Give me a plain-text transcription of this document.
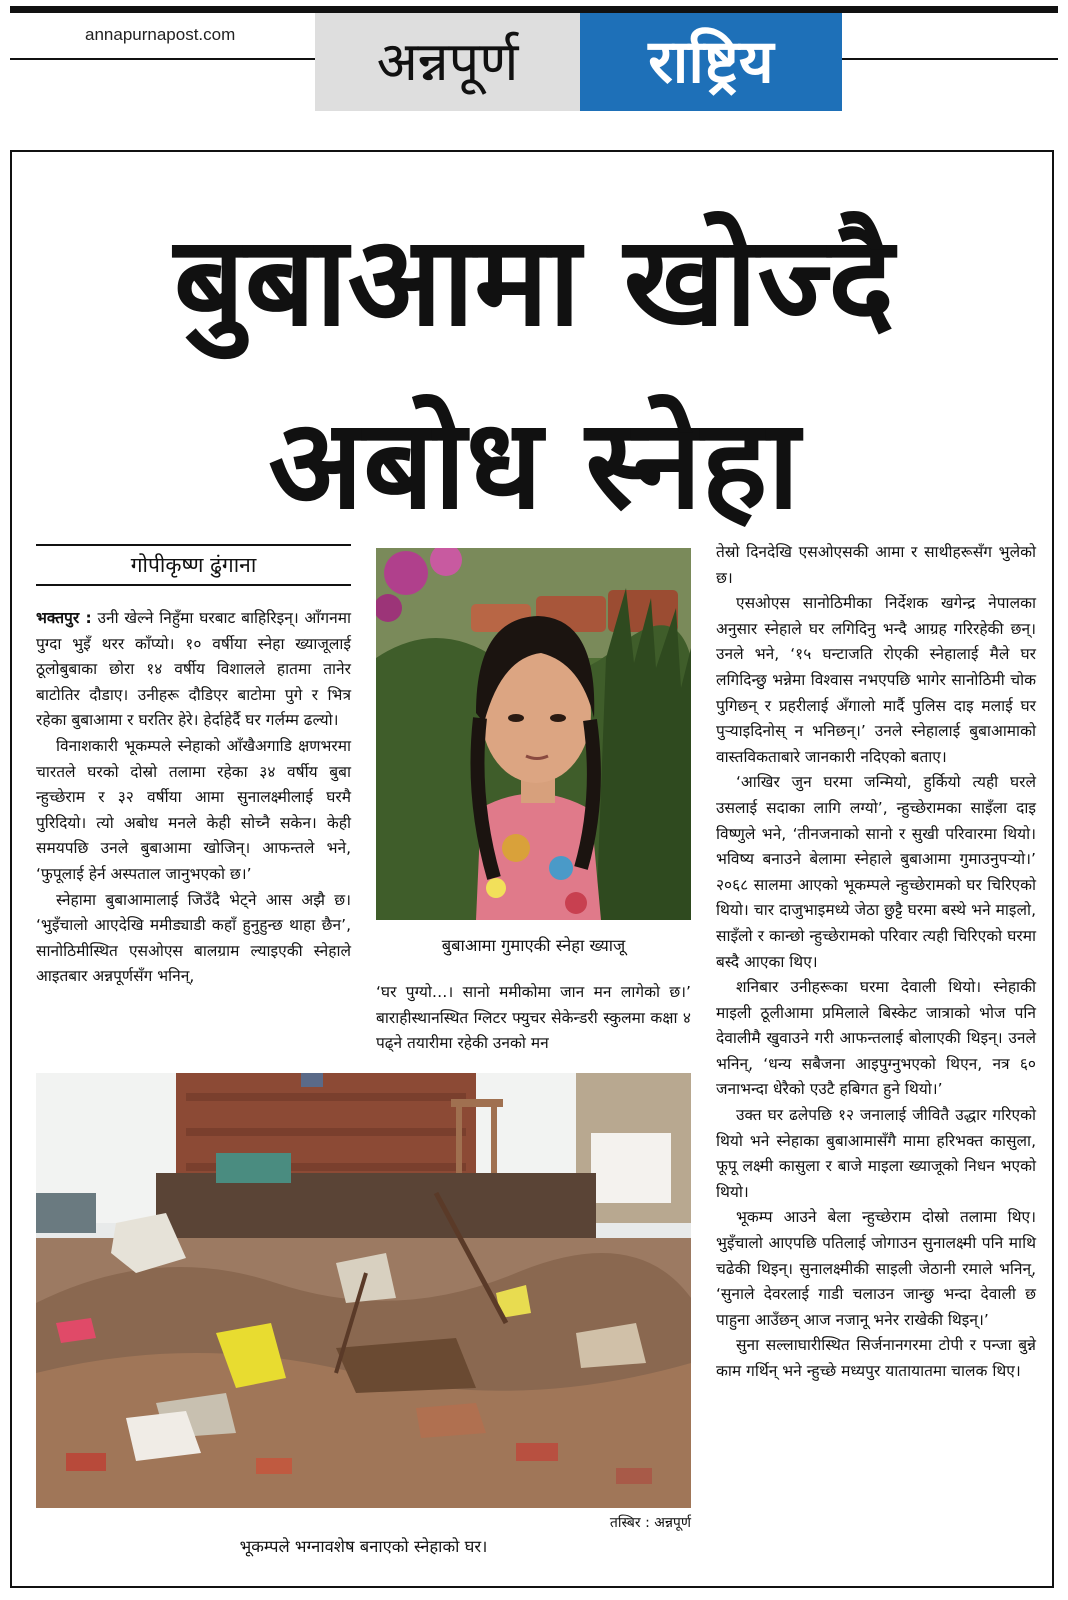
annapurnapost.com	अन्नपूर्ण	राष्ट्रिय
बुबाआमा खोज्दै
अबोध स्नेहा
गोपीकृष्ण ढुंगाना

भक्तपुर : उनी खेल्ने निहुँमा घरबाट बाहिरिइन्। आँगनमा पुग्दा भुइँ थरर काँप्यो। १० वर्षीया स्नेहा ख्याजूलाई ठूलोबुबाका छोरा १४ वर्षीय विशालले हातमा तानेर बाटोतिर दौडाए। उनीहरू दौडिएर बाटोमा पुगे र भित्र रहेका बुबाआमा र घरतिर हेरे। हेर्दाहेर्दै घर गर्लम्म ढल्यो।

विनाशकारी भूकम्पले स्नेहाको आँखैअगाडि क्षणभरमा चारतले घरको दोस्रो तलामा रहेका ३४ वर्षीय बुबा न्हुच्छेराम र ३२ वर्षीया आमा सुनालक्ष्मीलाई घरमै पुरिदियो। त्यो अबोध मनले केही सोच्नै सकेन। केही समयपछि उनले बुबाआमा खोजिन्। आफन्तले भने, ‘फुपूलाई हेर्न अस्पताल जानुभएको छ।’

स्नेहामा बुबाआमालाई जिउँदै भेट्ने आस अझै छ। ‘भुइँचालो आएदेखि ममीड्याडी कहाँ हुनुहुन्छ थाहा छैन’, सानोठिमीस्थित एसओएस बालग्राम ल्याइएकी स्नेहाले आइतबार अन्नपूर्णसँग भनिन्,

बुबाआमा गुमाएकी स्नेहा ख्याजू

‘घर पुग्यो…। सानो ममीकोमा जान मन लागेको छ।’ बाराहीस्थानस्थित ग्लिटर फ्युचर सेकेन्डरी स्कुलमा कक्षा ४ पढ्ने तयारीमा रहेकी उनको मन

तेस्रो दिनदेखि एसओएसकी आमा र साथीहरूसँग भुलेको छ।

एसओएस सानोठिमीका निर्देशक खगेन्द्र नेपालका अनुसार स्नेहाले घर लगिदिनु भन्दै आग्रह गरिरहेकी छन्। उनले भने, ‘१५ घन्टाजति रोएकी स्नेहालाई मैले घर लगिदिन्छु भन्नेमा विश्वास नभएपछि भागेर सानोठिमी चोक पुगिछन् र प्रहरीलाई अँगालो मार्दै पुलिस दाइ मलाई घर पुर्‍याइदिनोस् न भनिछन्।’ उनले स्नेहालाई बुबाआमाको वास्तविकताबारे जानकारी नदिएको बताए।

‘आखिर जुन घरमा जन्मियो, हुर्कियो त्यही घरले उसलाई सदाका लागि लग्यो’, न्हुच्छेरामका साइँला दाइ विष्णुले भने, ‘तीनजनाको सानो र सुखी परिवारमा थियो। भविष्य बनाउने बेलामा स्नेहाले बुबाआमा गुमाउनुपर्‍यो।’ २०६८ सालमा आएको भूकम्पले न्हुच्छेरामको घर चिरिएको थियो। चार दाजुभाइमध्ये जेठा छुट्टै घरमा बस्थे भने माइलो, साइँलो र कान्छो न्हुच्छेरामको परिवार त्यही चिरिएको घरमा बस्दै आएका थिए।

शनिबार उनीहरूका घरमा देवाली थियो। स्नेहाकी माइली ठूलीआमा प्रमिलाले बिस्केट जात्राको भोज पनि देवालीमै खुवाउने गरी आफन्तलाई बोलाएकी थिइन्। उनले भनिन्, ‘धन्य सबैजना आइपुग्नुभएको थिएन, नत्र ६० जनाभन्दा धेरैको एउटै हबिगत हुने थियो।’

उक्त घर ढलेपछि १२ जनालाई जीवितै उद्धार गरिएको थियो भने स्नेहाका बुबाआमासँगै मामा हरिभक्त कासुला, फूपू लक्ष्मी कासुला र बाजे माइला ख्याजूको निधन भएको थियो।

भूकम्प आउने बेला न्हुच्छेराम दोस्रो तलामा थिए। भुइँचालो आएपछि पतिलाई जोगाउन सुनालक्ष्मी पनि माथि चढेकी थिइन्। सुनालक्ष्मीकी साइली जेठानी रमाले भनिन्, ‘सुनाले देवरलाई गाडी चलाउन जान्छु भन्दा देवाली छ पाहुना आउँछन् आज नजानू भनेर राखेकी थिइन्।’

सुना सल्लाघारीस्थित सिर्जनानगरमा टोपी र पन्जा बुन्ने काम गर्थिन् भने न्हुच्छे मध्यपुर यातायातमा चालक थिए।

तस्बिर : अन्नपूर्ण
भूकम्पले भग्नावशेष बनाएको स्नेहाको घर।
